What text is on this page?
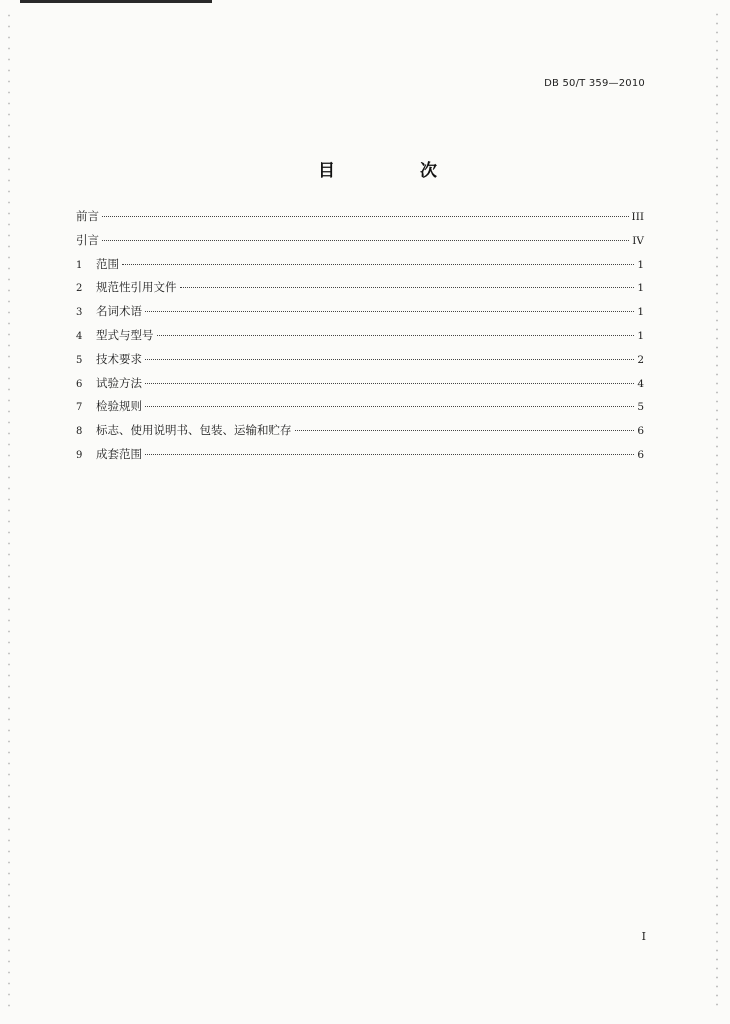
DB 50/T 359—2010
目　次
前言	III
引言	IV
1	范围	1
2	规范性引用文件	1
3	名词术语	1
4	型式与型号	1
5	技术要求	2
6	试验方法	4
7	检验规则	5
8	标志、使用说明书、包装、运输和贮存	6
9	成套范围	6
I
